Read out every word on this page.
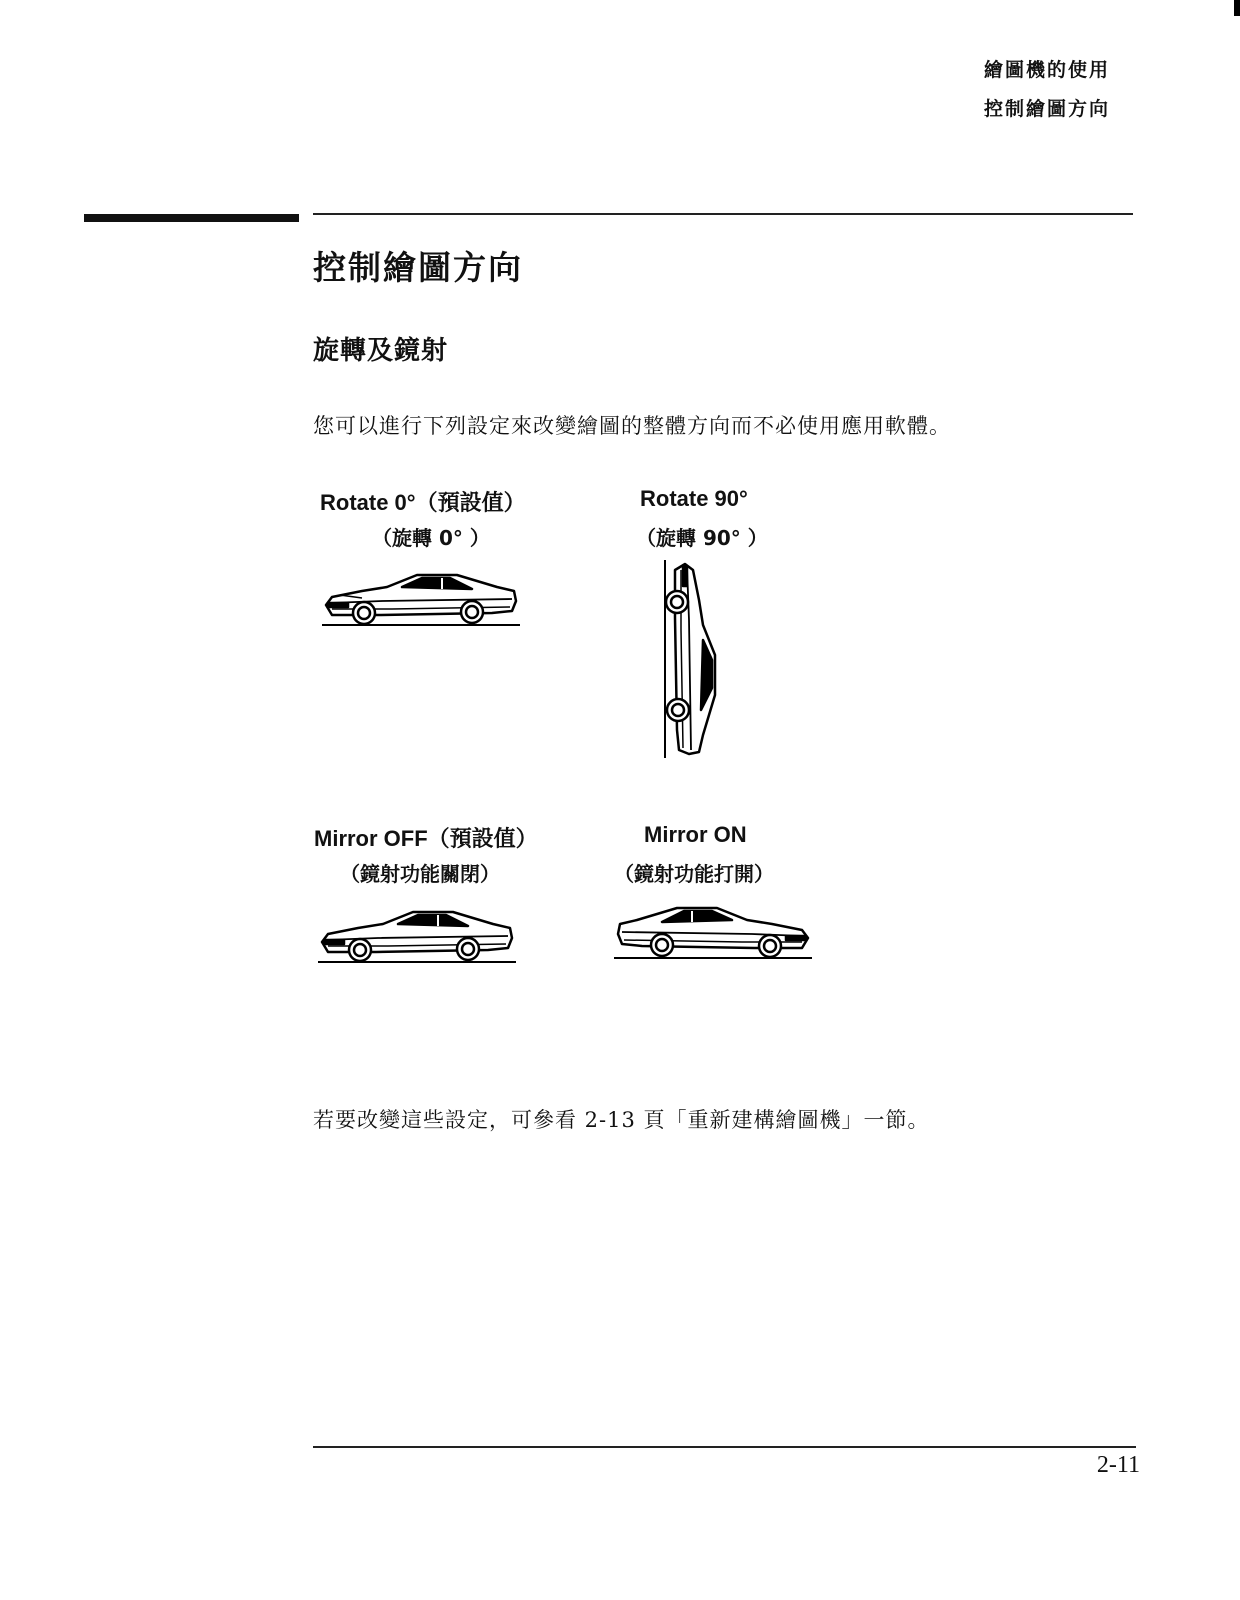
繪圖機的使用
控制繪圖方向
控制繪圖方向
旋轉及鏡射
您可以進行下列設定來改變繪圖的整體方向而不必使用應用軟體。
Rotate 0°（預設值）
（旋轉 0° ）
Rotate 90°
（旋轉 90° ）
Mirror OFF（預設值）
（鏡射功能關閉）
Mirror ON
（鏡射功能打開）
若要改變這些設定，可參看 2-13 頁「重新建構繪圖機」一節。
2-11
